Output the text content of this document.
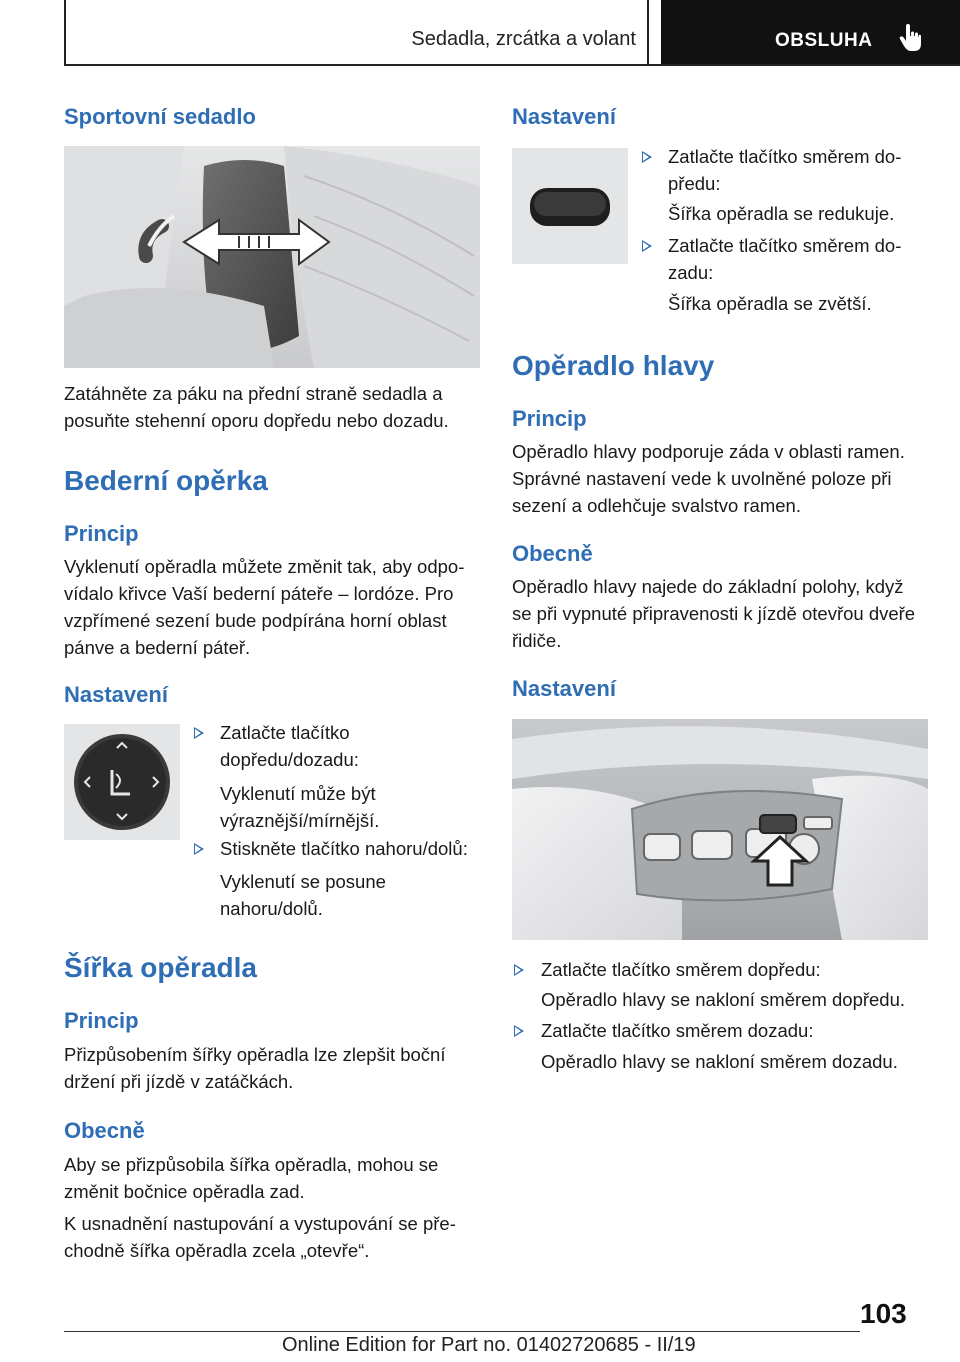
Sedadla, zrcátka a volant	OBSLUHA
Sportovní sedadlo
Zatáhněte za páku na přední straně sedadla a posuňte stehenní oporu dopředu nebo dozadu.
Bederní opěrka
Princip
Vyklenutí opěradla můžete změnit tak, aby odpovídalo křivce Vaší bederní páteře – lordóze. Pro vzpřímené sezení bude podpírána horní oblast pánve a bederní páteř.
Nastavení
Zatlačte tlačítko dopředu/dozadu:
Vyklenutí může být výraznější/mírnější.
Stiskněte tlačítko nahoru/dolů:
Vyklenutí se posune nahoru/dolů.
Šířka opěradla
Princip
Přizpůsobením šířky opěradla lze zlepšit boční držení při jízdě v zatáčkách.
Obecně
Aby se přizpůsobila šířka opěradla, mohou se změnit bočnice opěradla zad.
K usnadnění nastupování a vystupování se přechodně šířka opěradla zcela „otevře“.
Nastavení
Zatlačte tlačítko směrem dopředu:
Šířka opěradla se redukuje.
Zatlačte tlačítko směrem dozadu:
Šířka opěradla se zvětší.
Opěradlo hlavy
Princip
Opěradlo hlavy podporuje záda v oblasti ramen. Správné nastavení vede k uvolněné poloze při sezení a odlehčuje svalstvo ramen.
Obecně
Opěradlo hlavy najede do základní polohy, když se při vypnuté připravenosti k jízdě otevřou dveře řidiče.
Nastavení
Zatlačte tlačítko směrem dopředu:
Opěradlo hlavy se nakloní směrem dopředu.
Zatlačte tlačítko směrem dozadu:
Opěradlo hlavy se nakloní směrem dozadu.
103
Online Edition for Part no. 01402720685 - II/19
